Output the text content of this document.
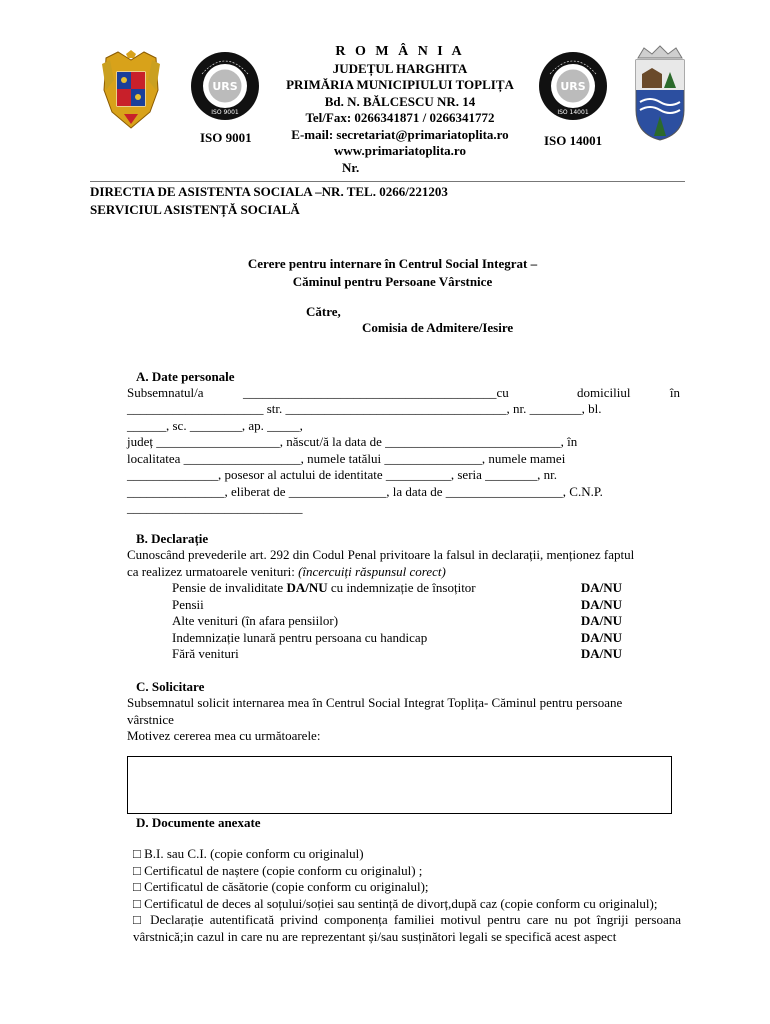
URS
ISO 9001
ISO 9001
R O M Â N I A
JUDEȚUL HARGHITA
PRIMĂRIA MUNICIPIULUI TOPLIȚA
Bd. N. BĂLCESCU NR. 14
Tel/Fax: 0266341871 / 0266341772
E-mail: secretariat@primariatoplita.ro
www.primariatoplita.ro
Nr.
URS
ISO 14001
ISO 14001
DIRECTIA DE ASISTENTA SOCIALA –NR. TEL. 0266/221203
SERVICIUL ASISTENȚĂ SOCIALĂ
Cerere pentru internare în Centrul Social Integrat –
Căminul pentru Persoane Vârstnice
Către,
Comisia de Admitere/Iesire
A. Date personale
Subsemnatul/a	_______________________________________cu	domiciliul	în
_____________________ str. __________________________________, nr. ________, bl.
______, sc. ________, ap. _____,
județ ___________________, născut/ă la data de ___________________________, în
localitatea __________________, numele tatălui _______________, numele mamei
______________, posesor al actului de identitate __________, seria ________, nr.
_______________, eliberat de _______________, la data de __________________, C.N.P.
___________________________
B. Declarație
Cunoscând prevederile art. 292 din Codul Penal privitoare la falsul in declarații, menționez faptul
ca realizez urmatoarele venituri: (încercuiți răspunsul corect)
Pensie de invaliditate DA/NU cu indemnizație de însoțitor	DA/NU
Pensii	DA/NU
Alte venituri (în afara pensiilor)	DA/NU
Indemnizație lunară pentru persoana cu handicap	DA/NU
Fără venituri	DA/NU
C. Solicitare
Subsemnatul solicit internarea mea în Centrul Social Integrat Toplița- Căminul pentru persoane
vârstnice
Motivez cererea mea cu următoarele:
D. Documente anexate
□ B.I. sau C.I. (copie conform cu originalul)
□ Certificatul de naștere (copie conform cu originalul) ;
□ Certificatul de căsătorie (copie conform cu originalul);
□ Certificatul de deces al soțului/soției sau sentință de divorț,după caz (copie conform cu originalul);
□ Declarație autentificată privind componența familiei motivul pentru care nu pot îngriji persoana vârstnică;in cazul in care nu are reprezentant și/sau susținători legali se specifică acest aspect
